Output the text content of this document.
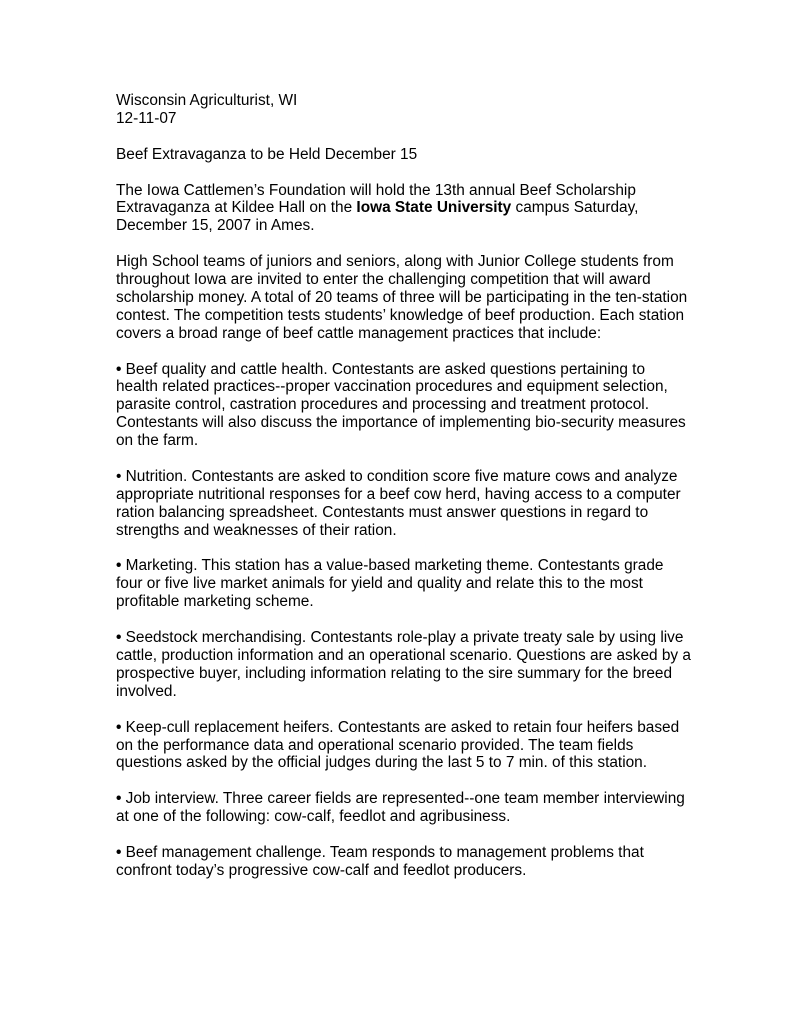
Wisconsin Agriculturist, WI

12-11-07

Beef Extravaganza to be Held December 15

The Iowa Cattlemen’s Foundation will hold the 13th annual Beef Scholarship Extravaganza at Kildee Hall on the Iowa State University campus Saturday, December 15, 2007 in Ames.

High School teams of juniors and seniors, along with Junior College students from throughout Iowa are invited to enter the challenging competition that will award scholarship money. A total of 20 teams of three will be participating in the ten-station contest. The competition tests students’ knowledge of beef production. Each station covers a broad range of beef cattle management practices that include:

• Beef quality and cattle health. Contestants are asked questions pertaining to health related practices--proper vaccination procedures and equipment selection, parasite control, castration procedures and processing and treatment protocol. Contestants will also discuss the importance of implementing bio-security measures on the farm.

• Nutrition. Contestants are asked to condition score five mature cows and analyze appropriate nutritional responses for a beef cow herd, having access to a computer ration balancing spreadsheet. Contestants must answer questions in regard to strengths and weaknesses of their ration.

• Marketing. This station has a value-based marketing theme. Contestants grade four or five live market animals for yield and quality and relate this to the most profitable marketing scheme.

• Seedstock merchandising. Contestants role-play a private treaty sale by using live cattle, production information and an operational scenario. Questions are asked by a prospective buyer, including information relating to the sire summary for the breed involved.

• Keep-cull replacement heifers. Contestants are asked to retain four heifers based on the performance data and operational scenario provided. The team fields questions asked by the official judges during the last 5 to 7 min. of this station.

• Job interview. Three career fields are represented--one team member interviewing at one of the following: cow-calf, feedlot and agribusiness.

• Beef management challenge. Team responds to management problems that confront today’s progressive cow-calf and feedlot producers.
